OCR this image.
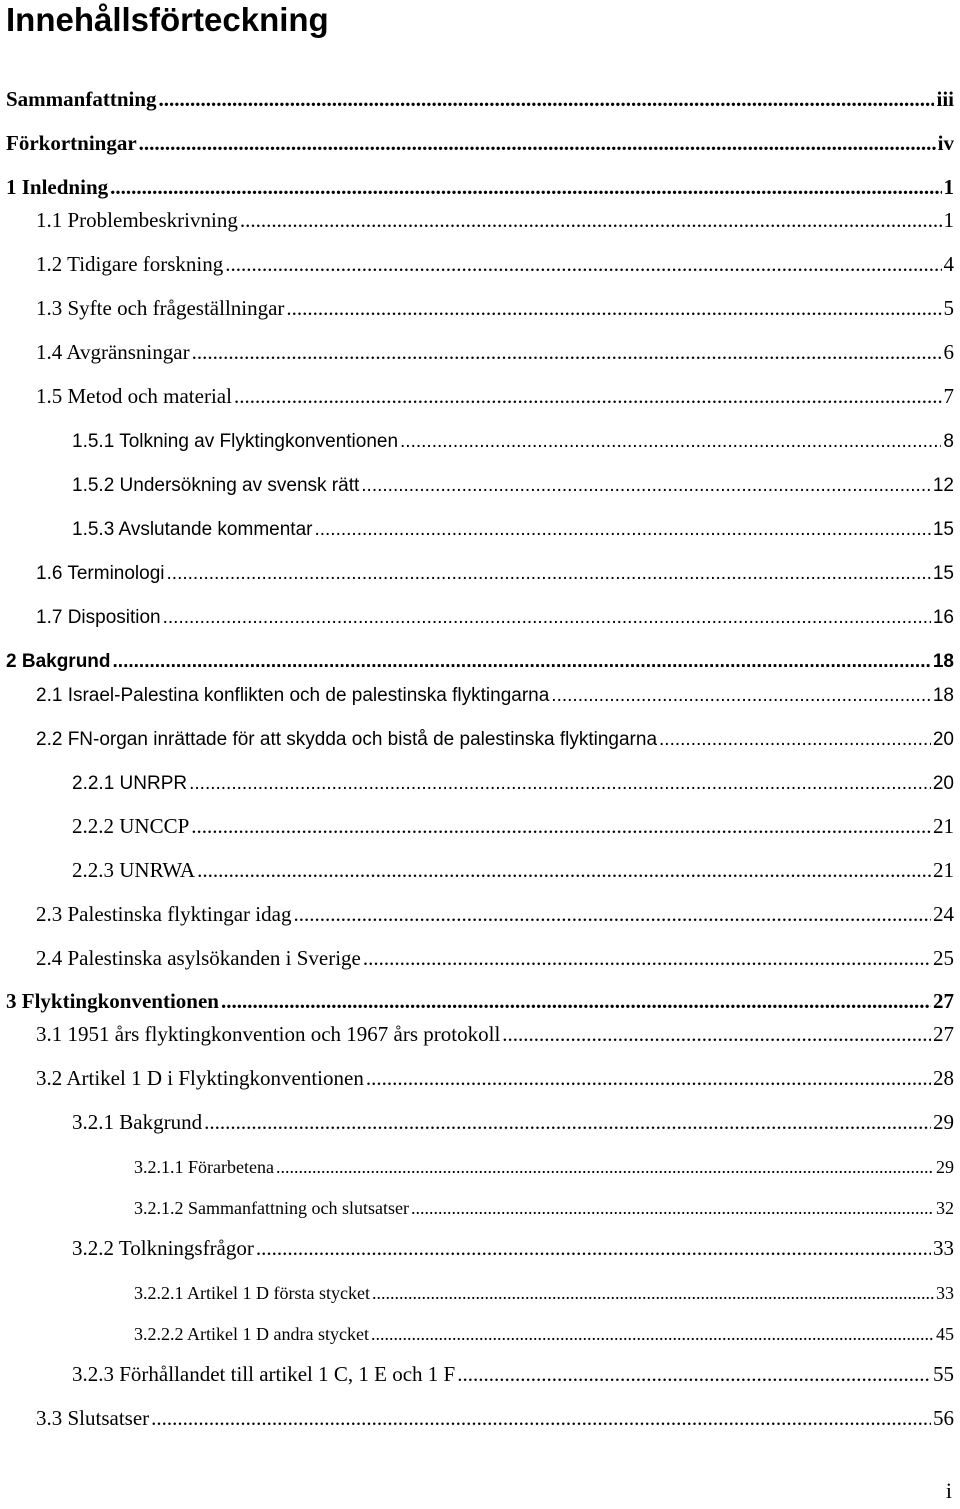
Innehållsförteckning
Sammanfattning .....	iii
Förkortningar .....	iv
1 Inledning .....	1
1.1 Problembeskrivning .....	1
1.2 Tidigare forskning .....	4
1.3 Syfte och frågeställningar .....	5
1.4 Avgränsningar .....	6
1.5 Metod och material .....	7
1.5.1 Tolkning av Flyktingkonventionen .....	8
1.5.2 Undersökning av svensk rätt .....	12
1.5.3 Avslutande kommentar .....	15
1.6 Terminologi .....	15
1.7 Disposition .....	16
2 Bakgrund .....	18
2.1 Israel-Palestina konflikten och de palestinska flyktingarna .....	18
2.2 FN-organ inrättade för att skydda och bistå de palestinska flyktingarna .....	20
2.2.1 UNRPR .....	20
2.2.2 UNCCP .....	21
2.2.3 UNRWA .....	21
2.3 Palestinska flyktingar idag .....	24
2.4 Palestinska asylsökanden i Sverige .....	25
3 Flyktingkonventionen .....	27
3.1 1951 års flyktingkonvention och 1967 års protokoll .....	27
3.2 Artikel 1 D i Flyktingkonventionen .....	28
3.2.1 Bakgrund .....	29
3.2.1.1 Förarbetena .....	29
3.2.1.2 Sammanfattning och slutsatser .....	32
3.2.2 Tolkningsfrågor .....	33
3.2.2.1 Artikel 1 D första stycket .....	33
3.2.2.2 Artikel 1 D andra stycket .....	45
3.2.3 Förhållandet till artikel 1 C, 1 E och 1 F .....	55
3.3 Slutsatser .....	56
i
